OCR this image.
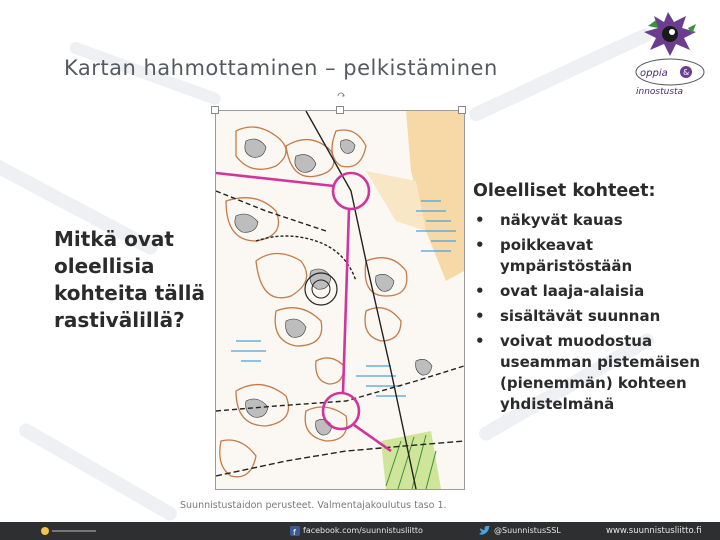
Kartan hahmottaminen – pelkistäminen	oppia &
innostusta
Mitkä ovat oleellisia kohteita tällä rastivälillä?
Oleelliset kohteet:
• näkyvät kauas
• poikkeavat ympäristöstään
• ovat laaja-alaisia
• sisältävät suunnan
• voivat muodostua useamman pistemäisen (pienemmän) kohteen yhdistelmänä
Suunnistustaidon perusteet. Valmentajakoulutus taso 1.
f facebook.com/suunnistusliitto	@SuunnistusSSL	www.suunnistusliitto.fi
